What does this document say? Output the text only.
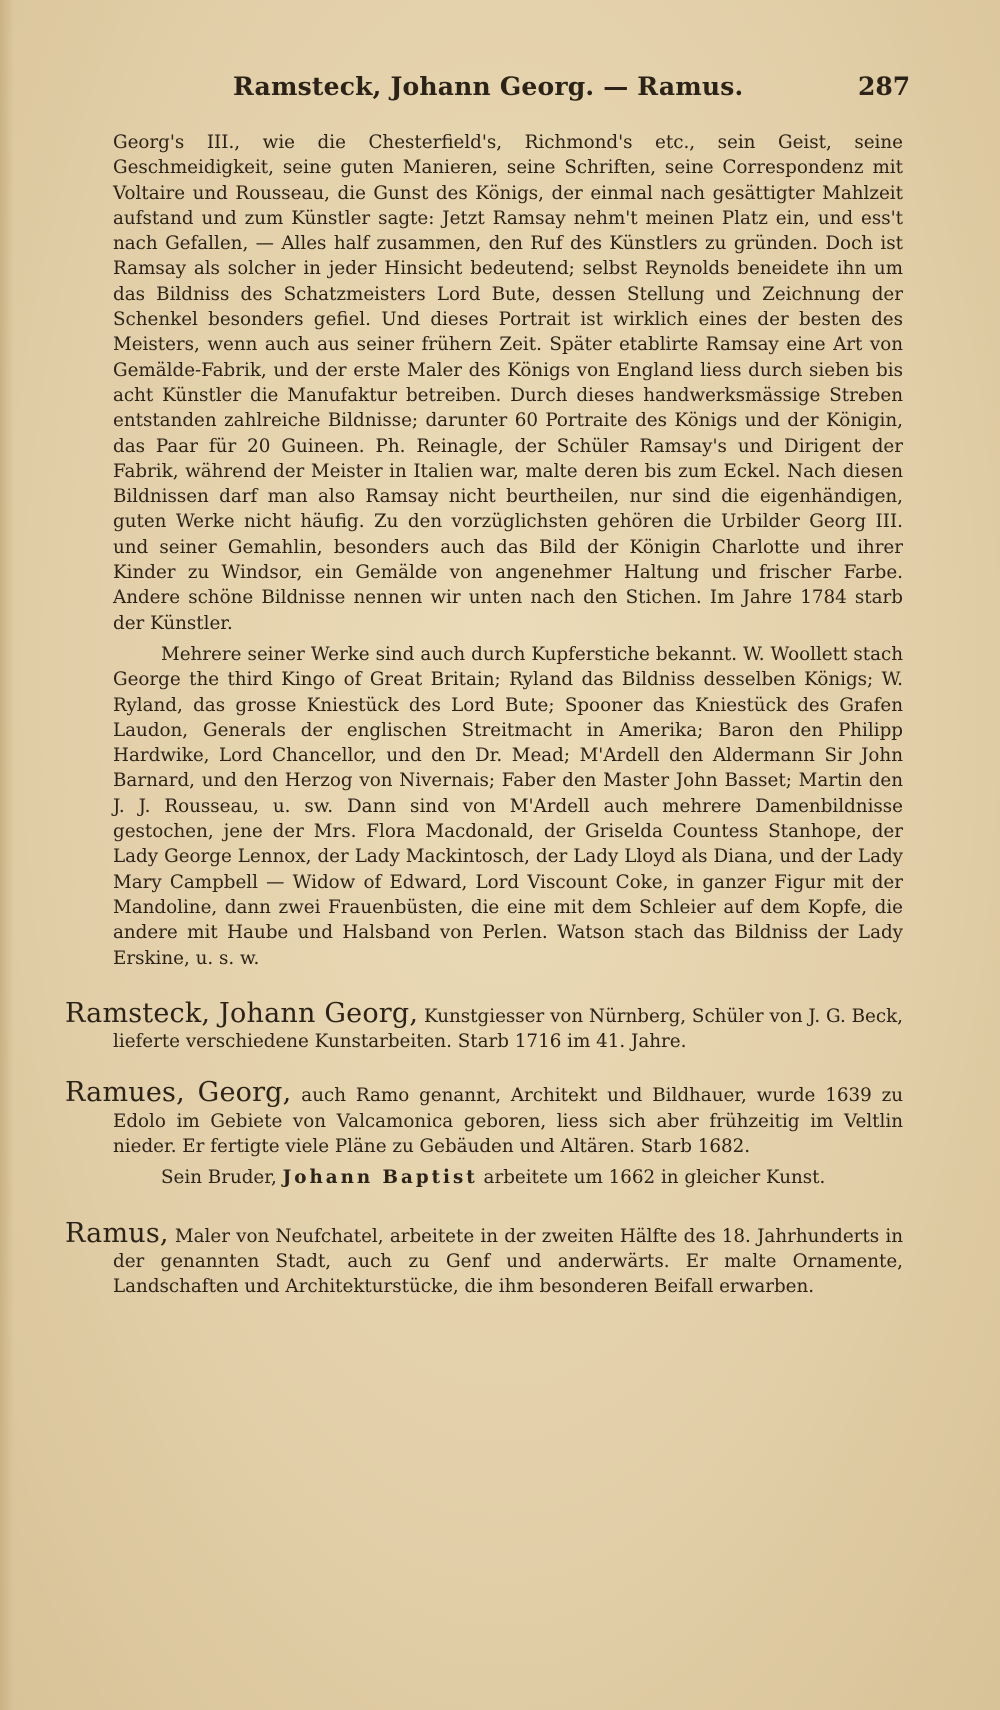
Ramsteck, Johann Georg. — Ramus.	287

Georg's III., wie die Chesterfield's, Richmond's etc., sein Geist, seine Geschmeidigkeit, seine guten Manieren, seine Schriften, seine Correspondenz mit Voltaire und Rousseau, die Gunst des Königs, der einmal nach gesättigter Mahlzeit aufstand und zum Künstler sagte: Jetzt Ramsay nehm't meinen Platz ein, und ess't nach Gefallen, — Alles half zusammen, den Ruf des Künstlers zu gründen. Doch ist Ramsay als solcher in jeder Hinsicht bedeutend; selbst Reynolds beneidete ihn um das Bildniss des Schatzmeisters Lord Bute, dessen Stellung und Zeichnung der Schenkel besonders gefiel. Und dieses Portrait ist wirklich eines der besten des Meisters, wenn auch aus seiner frühern Zeit. Später etablirte Ramsay eine Art von Gemälde-Fabrik, und der erste Maler des Königs von England liess durch sieben bis acht Künstler die Manufaktur betreiben. Durch dieses handwerksmässige Streben entstanden zahlreiche Bildnisse; darunter 60 Portraite des Königs und der Königin, das Paar für 20 Guineen. Ph. Reinagle, der Schüler Ramsay's und Dirigent der Fabrik, während der Meister in Italien war, malte deren bis zum Eckel. Nach diesen Bildnissen darf man also Ramsay nicht beurtheilen, nur sind die eigenhändigen, guten Werke nicht häufig. Zu den vorzüglichsten gehören die Urbilder Georg III. und seiner Gemahlin, besonders auch das Bild der Königin Charlotte und ihrer Kinder zu Windsor, ein Gemälde von angenehmer Haltung und frischer Farbe. Andere schöne Bildnisse nennen wir unten nach den Stichen. Im Jahre 1784 starb der Künstler.

Mehrere seiner Werke sind auch durch Kupferstiche bekannt. W. Woollett stach George the third Kingo of Great Britain; Ryland das Bildniss desselben Königs; W. Ryland, das grosse Kniestück des Lord Bute; Spooner das Kniestück des Grafen Laudon, Generals der englischen Streitmacht in Amerika; Baron den Philipp Hardwike, Lord Chancellor, und den Dr. Mead; M'Ardell den Aldermann Sir John Barnard, und den Herzog von Nivernais; Faber den Master John Basset; Martin den J. J. Rousseau, u. sw. Dann sind von M'Ardell auch mehrere Damenbildnisse gestochen, jene der Mrs. Flora Macdonald, der Griselda Countess Stanhope, der Lady George Lennox, der Lady Mackintosch, der Lady Lloyd als Diana, und der Lady Mary Campbell — Widow of Edward, Lord Viscount Coke, in ganzer Figur mit der Mandoline, dann zwei Frauenbüsten, die eine mit dem Schleier auf dem Kopfe, die andere mit Haube und Halsband von Perlen. Watson stach das Bildniss der Lady Erskine, u. s. w.

Ramsteck, Johann Georg, Kunstgiesser von Nürnberg, Schüler von J. G. Beck, lieferte verschiedene Kunstarbeiten. Starb 1716 im 41. Jahre.

Ramues, Georg, auch Ramo genannt, Architekt und Bildhauer, wurde 1639 zu Edolo im Gebiete von Valcamonica geboren, liess sich aber frühzeitig im Veltlin nieder. Er fertigte viele Pläne zu Gebäuden und Altären. Starb 1682.

Sein Bruder, Johann Baptist arbeitete um 1662 in gleicher Kunst.

Ramus, Maler von Neufchatel, arbeitete in der zweiten Hälfte des 18. Jahrhunderts in der genannten Stadt, auch zu Genf und anderwärts. Er malte Ornamente, Landschaften und Architekturstücke, die ihm besonderen Beifall erwarben.
